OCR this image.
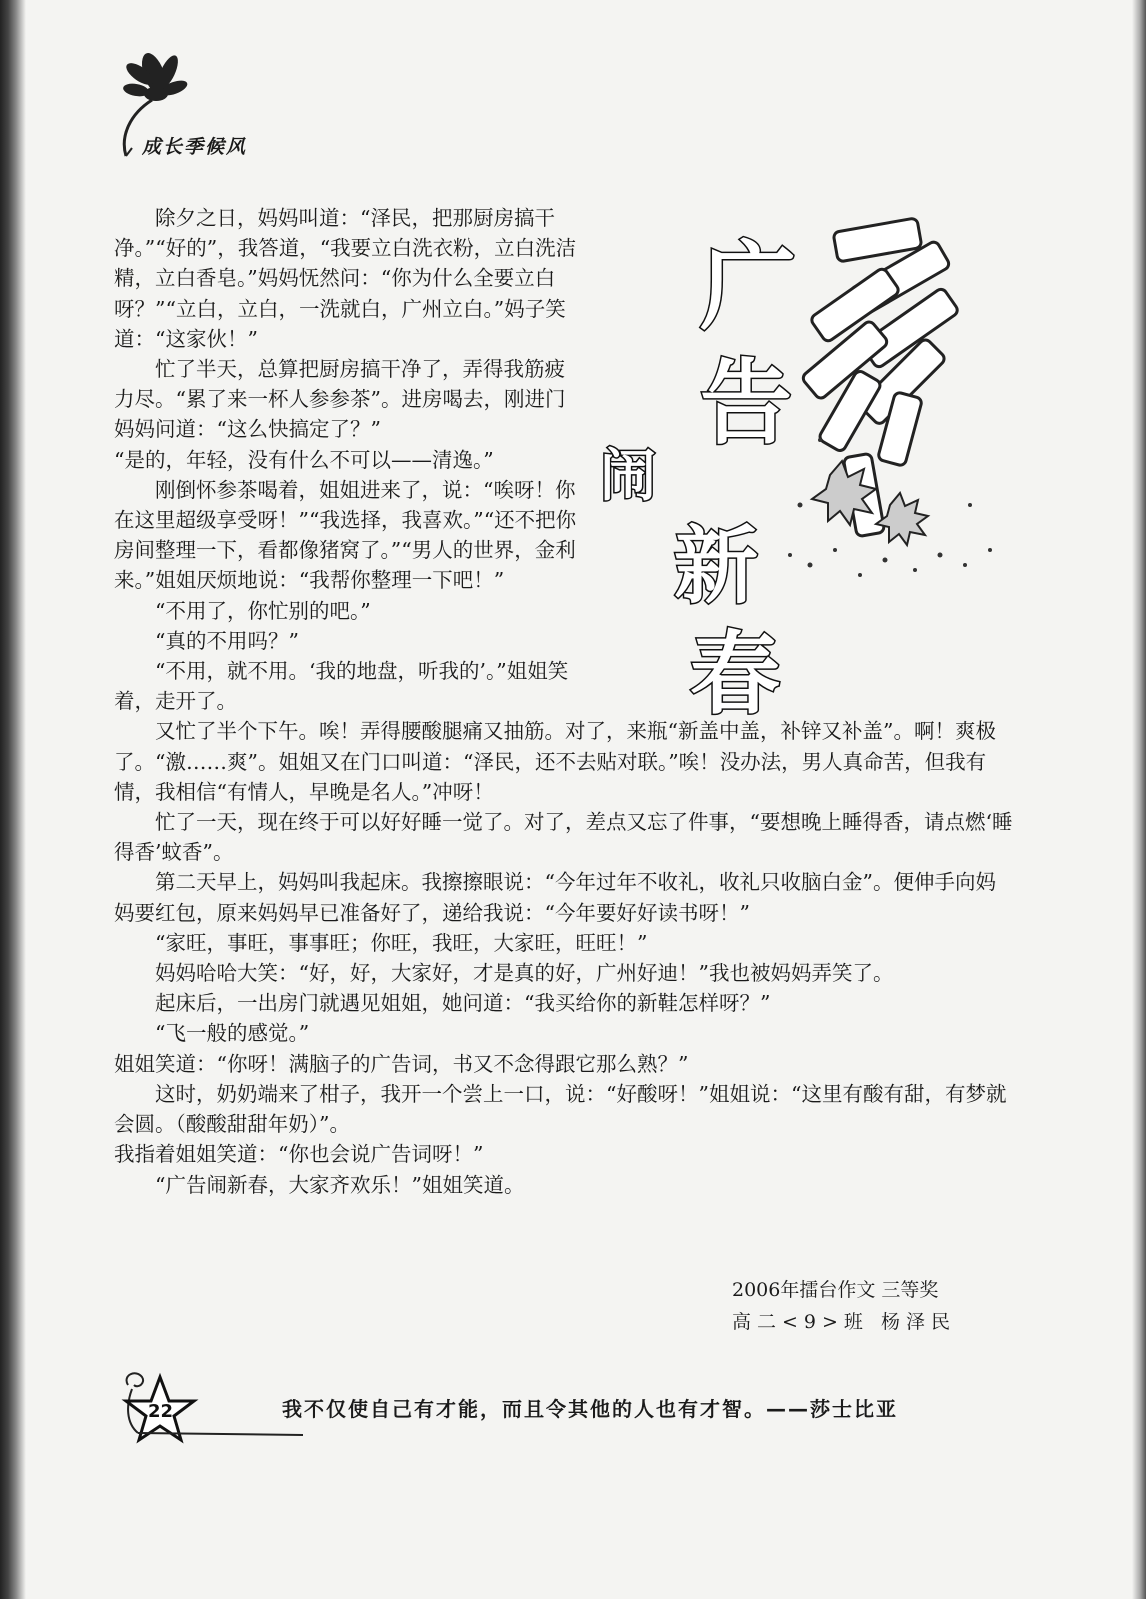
成长季候风
广
告
闹
新
春

除夕之日，妈妈叫道：“泽民，把那厨房搞干净。”“好的”，我答道，“我要立白洗衣粉，立白洗洁精，立白香皂。”妈妈怃然问：“你为什么全要立白呀？”“立白，立白，一洗就白，广州立白。”妈子笑道：“这家伙！”

忙了半天，总算把厨房搞干净了，弄得我筋疲力尽。“累了来一杯人参参茶”。进房喝去，刚进门妈妈问道：“这么快搞定了？”

“是的，年轻，没有什么不可以——清逸。”

刚倒怀参茶喝着，姐姐进来了，说：“唉呀！你在这里超级享受呀！”“我选择，我喜欢。”“还不把你房间整理一下，看都像猪窝了。”“男人的世界，金利来。”姐姐厌烦地说：“我帮你整理一下吧！”

“不用了，你忙别的吧。”

“真的不用吗？”

“不用，就不用。‘我的地盘，听我的’。”姐姐笑着，走开了。

又忙了半个下午。唉！弄得腰酸腿痛又抽筋。对了，来瓶“新盖中盖，补锌又补盖”。啊！爽极了。“激……爽”。姐姐又在门口叫道：“泽民，还不去贴对联。”唉！没办法，男人真命苦，但我有情，我相信“有情人，早晚是名人。”冲呀！

忙了一天，现在终于可以好好睡一觉了。对了，差点又忘了件事，“要想晚上睡得香，请点燃‘睡得香’蚊香”。

第二天早上，妈妈叫我起床。我擦擦眼说：“今年过年不收礼，收礼只收脑白金”。便伸手向妈妈要红包，原来妈妈早已准备好了，递给我说：“今年要好好读书呀！”

“家旺，事旺，事事旺；你旺，我旺，大家旺，旺旺！”

妈妈哈哈大笑：“好，好，大家好，才是真的好，广州好迪！”我也被妈妈弄笑了。

起床后，一出房门就遇见姐姐，她问道：“我买给你的新鞋怎样呀？”

“飞一般的感觉。”

姐姐笑道：“你呀！满脑子的广告词，书又不念得跟它那么熟？”

这时，奶奶端来了柑子，我开一个尝上一口，说：“好酸呀！”姐姐说：“这里有酸有甜，有梦就会圆。（酸酸甜甜年奶）”。

我指着姐姐笑道：“你也会说广告词呀！”

“广告闹新春，大家齐欢乐！”姐姐笑道。

2006年擂台作文 三等奖
高二<9>班 杨泽民
22	我不仅使自己有才能，而且令其他的人也有才智。——莎士比亚
